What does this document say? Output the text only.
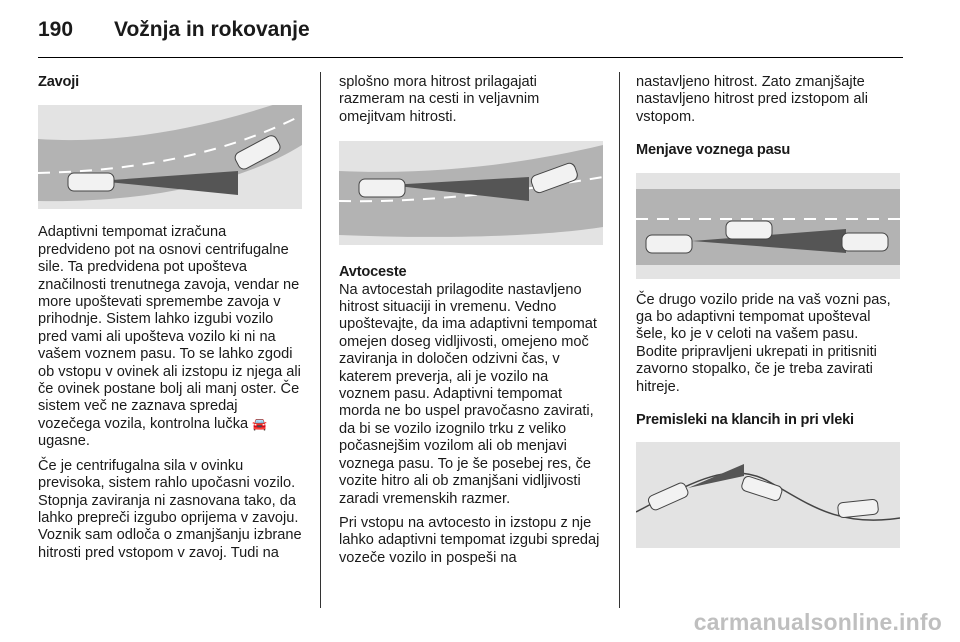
190 Vožnja in rokovanje
Zavoji
Adaptivni tempomat izračuna predvideno pot na osnovi centrifugalne sile. Ta predvidena pot upošteva značilnosti trenutnega zavoja, vendar ne more upoštevati spremembe zavoja v prihodnje. Sistem lahko izgubi vozilo pred vami ali upošteva vozilo ki ni na vašem voznem pasu. To se lahko zgodi ob vstopu v ovinek ali izstopu iz njega ali če ovinek postane bolj ali manj oster. Če sistem več ne zaznava spredaj vozečega vozila, kontrolna lučka 🚘 ugasne.
Če je centrifugalna sila v ovinku previsoka, sistem rahlo upočasni vozilo. Stopnja zaviranja ni zasnovana tako, da lahko prepreči izgubo oprijema v zavoju. Voznik sam odloča o zmanjšanju izbrane hitrosti pred vstopom v zavoj. Tudi na
splošno mora hitrost prilagajati razmeram na cesti in veljavnim omejitvam hitrosti.
Avtoceste
Na avtocestah prilagodite nastavljeno hitrost situaciji in vremenu. Vedno upoštevajte, da ima adaptivni tempomat omejen doseg vidljivosti, omejeno moč zaviranja in določen odzivni čas, v katerem preverja, ali je vozilo na voznem pasu. Adaptivni tempomat morda ne bo uspel pravočasno zavirati, da bi se vozilo izognilo trku z veliko počasnejšim vozilom ali ob menjavi voznega pasu. To je še posebej res, če vozite hitro ali ob zmanjšani vidljivosti zaradi vremenskih razmer.
Pri vstopu na avtocesto in izstopu z nje lahko adaptivni tempomat izgubi spredaj vozeče vozilo in pospeši na
nastavljeno hitrost. Zato zmanjšajte nastavljeno hitrost pred izstopom ali vstopom.
Menjave voznega pasu
Če drugo vozilo pride na vaš vozni pas, ga bo adaptivni tempomat upošteval šele, ko je v celoti na vašem pasu. Bodite pripravljeni ukrepati in pritisniti zavorno stopalko, če je treba zavirati hitreje.
Premisleki na klancih in pri vleki
carmanualsonline.info
